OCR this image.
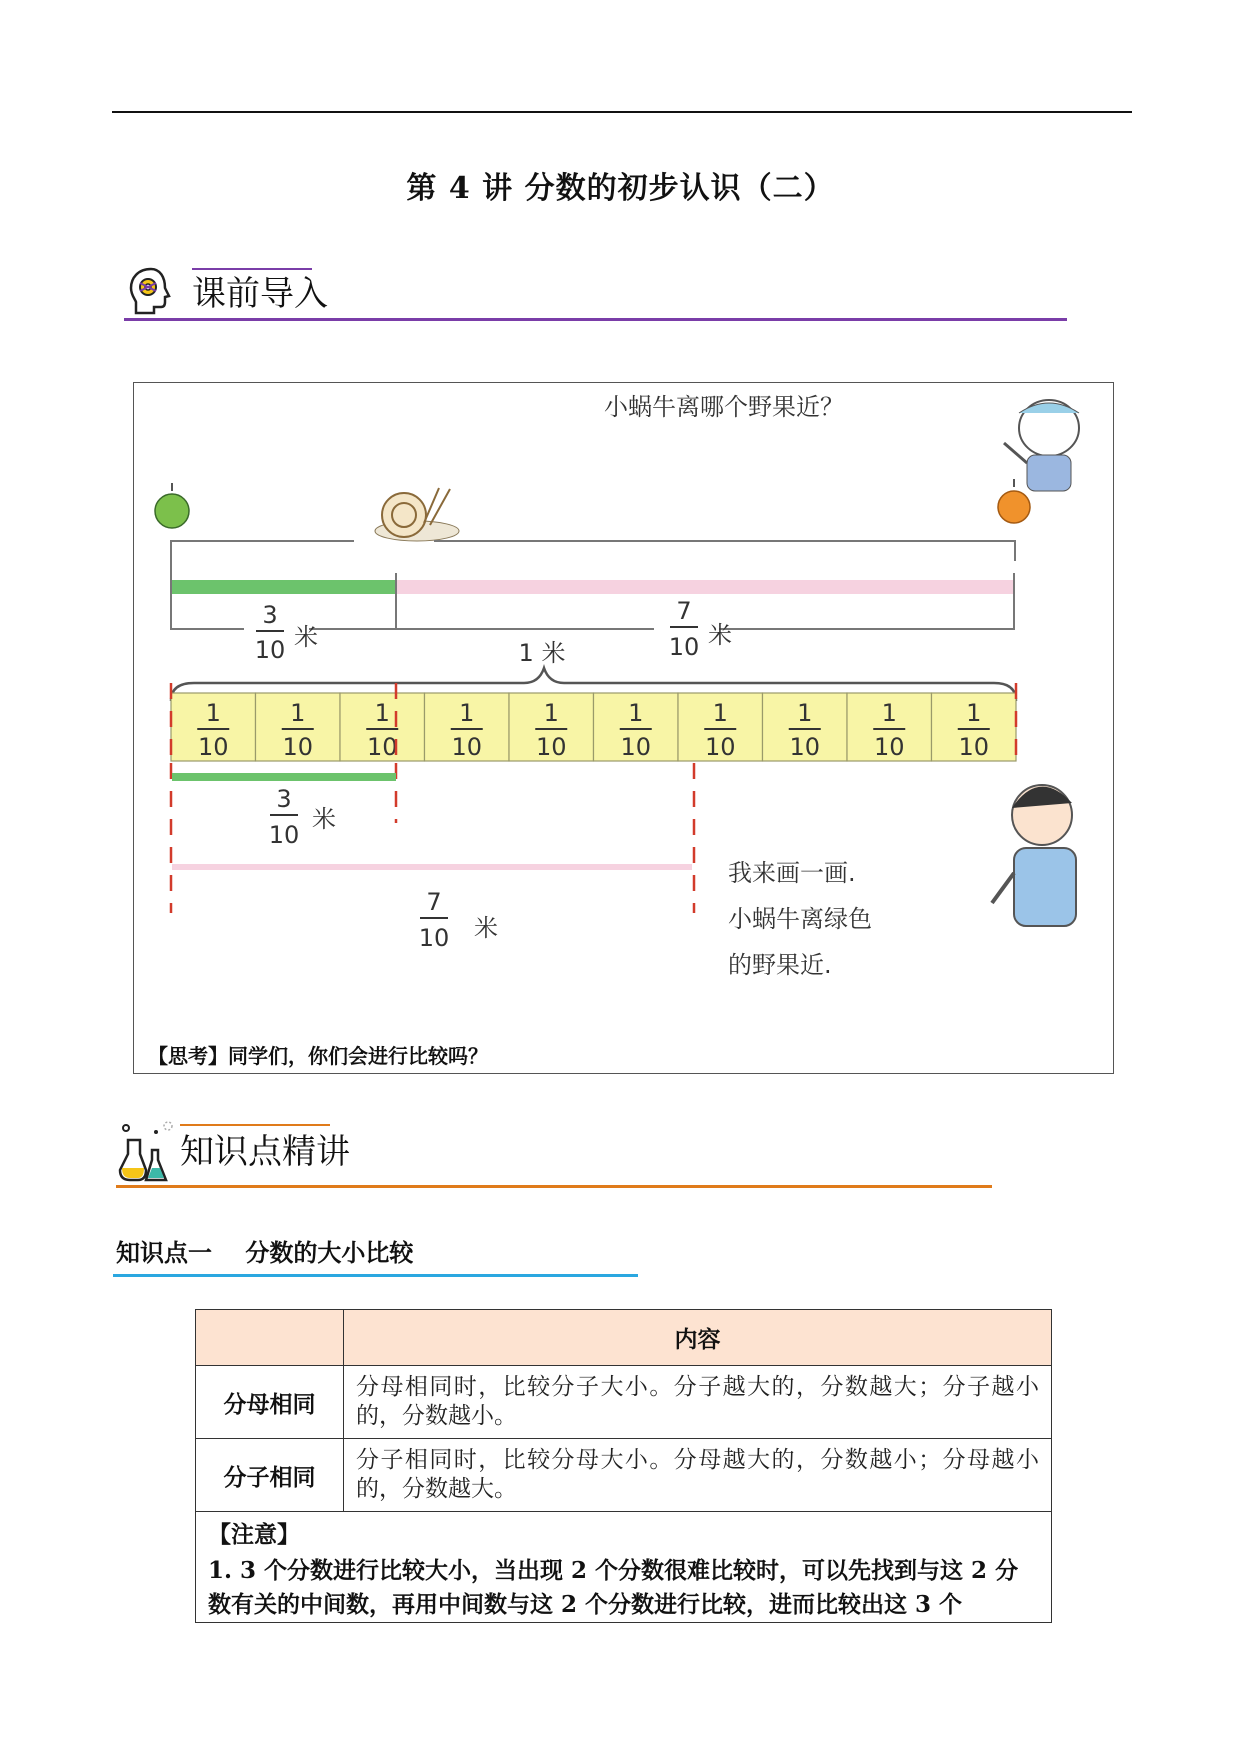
第 4 讲 分数的初步认识（二）
课前导入
小蜗牛离哪个野果近？
3
10 米
7
10 米
1 米
1
10
1
10
1
10
1
10
1
10
1
10
1
10
1
10
1
10
1
10
3
10
米
7
10 米
我来画一画.
小蜗牛离绿色
的野果近.
【思考】同学们，你们会进行比较吗？
知识点精讲
知识点一    分数的大小比较
	内容
分母相同	分母相同时，比较分子大小。分子越大的，分数越大；分子越小的，分数越小。
分子相同	分子相同时，比较分母大小。分母越大的，分数越小；分母越小的，分数越大。

【注意】
1. 3 个分数进行比较大小，当出现 2 个分数很难比较时，可以先找到与这 2 分数有关的中间数，再用中间数与这 2 个分数进行比较，进而比较出这 3 个	
